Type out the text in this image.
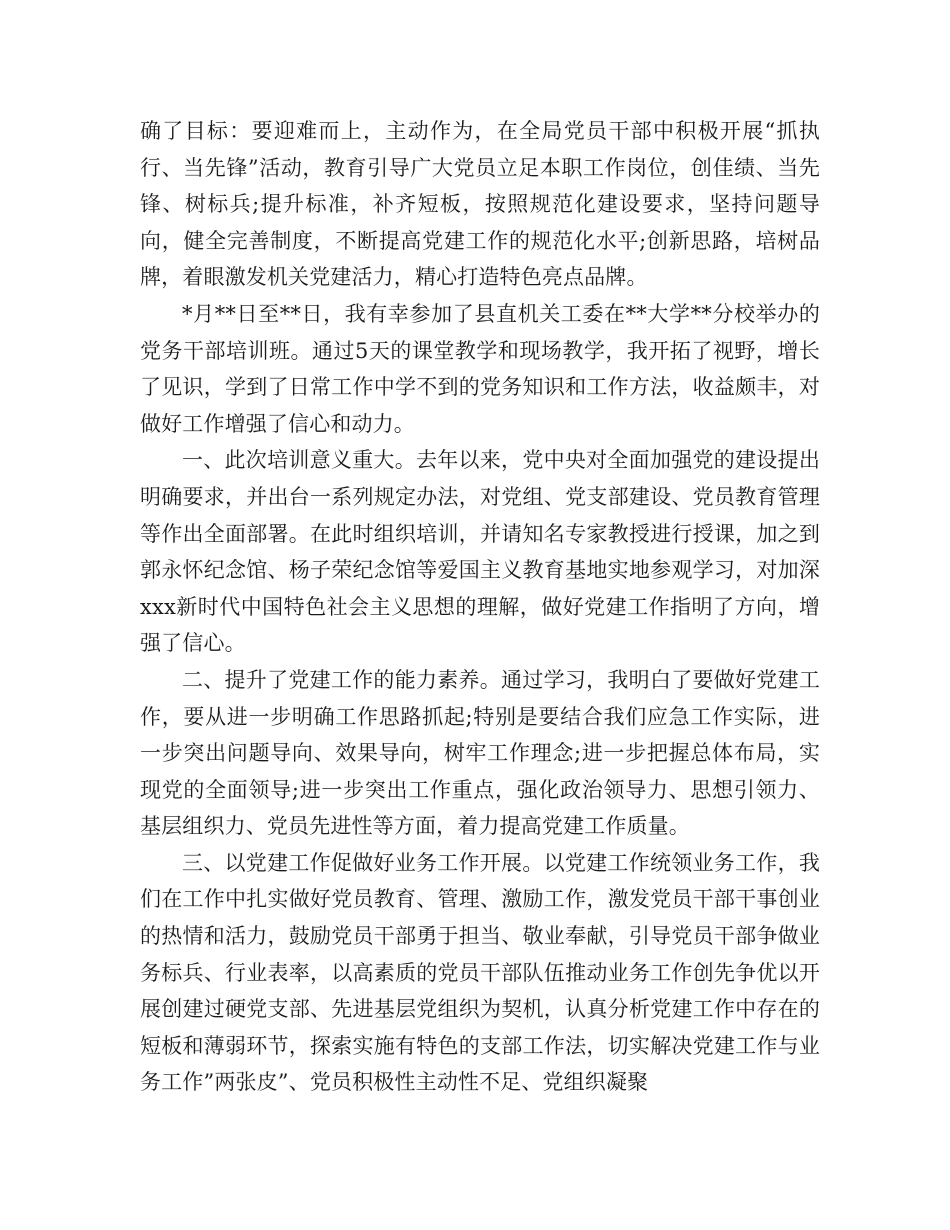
确了目标：要迎难而上，主动作为，在全局党员干部中积极开展“抓执行、当先锋”活动，教育引导广大党员立足本职工作岗位，创佳绩、当先锋、树标兵;提升标准，补齐短板，按照规范化建设要求，坚持问题导向，健全完善制度，不断提高党建工作的规范化水平;创新思路，培树品牌，着眼激发机关党建活力，精心打造特色亮点品牌。

*月**日至**日，我有幸参加了县直机关工委在**大学**分校举办的党务干部培训班。通过5天的课堂教学和现场教学，我开拓了视野，增长了见识，学到了日常工作中学不到的党务知识和工作方法，收益颇丰，对做好工作增强了信心和动力。

一、此次培训意义重大。去年以来，党中央对全面加强党的建设提出明确要求，并出台一系列规定办法，对党组、党支部建设、党员教育管理等作出全面部署。在此时组织培训，并请知名专家教授进行授课，加之到郭永怀纪念馆、杨子荣纪念馆等爱国主义教育基地实地参观学习，对加深xxx新时代中国特色社会主义思想的理解，做好党建工作指明了方向，增强了信心。

二、提升了党建工作的能力素养。通过学习，我明白了要做好党建工作，要从进一步明确工作思路抓起;特别是要结合我们应急工作实际，进一步突出问题导向、效果导向，树牢工作理念;进一步把握总体布局，实现党的全面领导;进一步突出工作重点，强化政治领导力、思想引领力、基层组织力、党员先进性等方面，着力提高党建工作质量。

三、以党建工作促做好业务工作开展。以党建工作统领业务工作，我们在工作中扎实做好党员教育、管理、激励工作，激发党员干部干事创业的热情和活力，鼓励党员干部勇于担当、敬业奉献，引导党员干部争做业务标兵、行业表率，以高素质的党员干部队伍推动业务工作创先争优以开展创建过硬党支部、先进基层党组织为契机，认真分析党建工作中存在的短板和薄弱环节，探索实施有特色的支部工作法，切实解决党建工作与业务工作”两张皮”、党员积极性主动性不足、党组织凝聚
